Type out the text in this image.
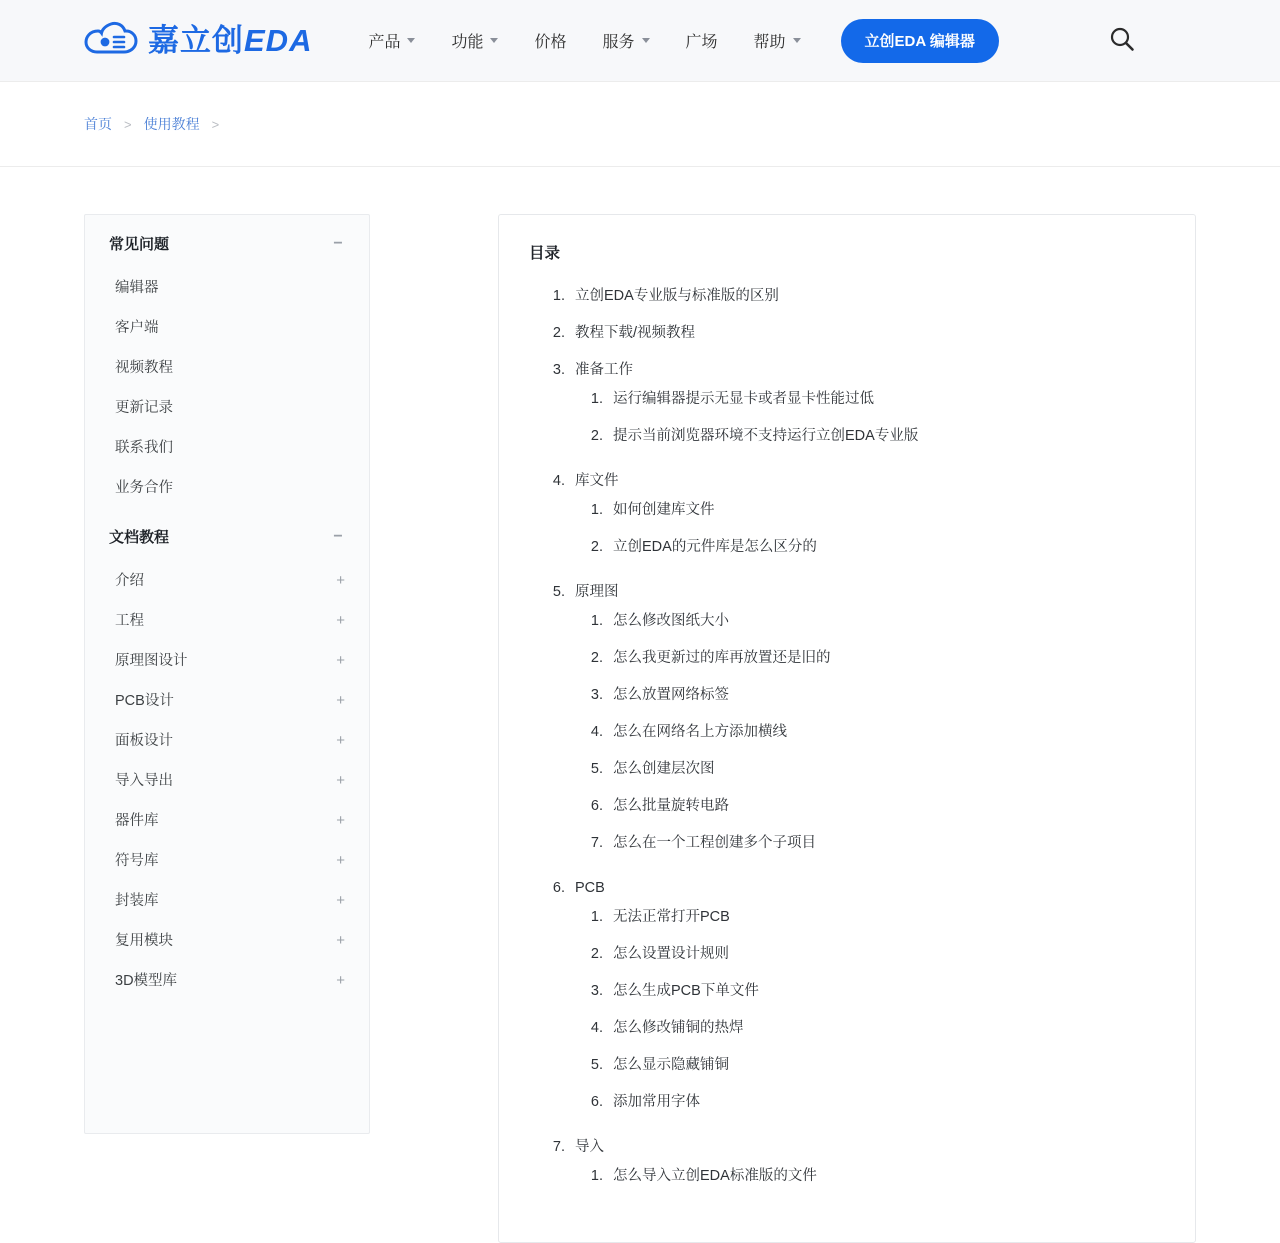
嘉立创EDA	产品	功能	价格 服务	广场 帮助	立创EDA 编辑器
首页 > 使用教程 >
常见问题	−
编辑器
客户端
视频教程
更新记录
联系我们
业务合作
文档教程	−
介绍	+
工程	+
原理图设计	+
PCB设计	+
面板设计	+
导入导出	+
器件库	+
符号库	+
封装库	+
复用模块	+
3D模型库	+
目录
1. 立创EDA专业版与标准版的区别
2. 教程下载/视频教程
3. 准备工作
1. 运行编辑器提示无显卡或者显卡性能过低
2. 提示当前浏览器环境不支持运行立创EDA专业版
4. 库文件
1. 如何创建库文件
2. 立创EDA的元件库是怎么区分的
5. 原理图
1. 怎么修改图纸大小
2. 怎么我更新过的库再放置还是旧的
3. 怎么放置网络标签
4. 怎么在网络名上方添加横线
5. 怎么创建层次图
6. 怎么批量旋转电路
7. 怎么在一个工程创建多个子项目
6. PCB
1. 无法正常打开PCB
2. 怎么设置设计规则
3. 怎么生成PCB下单文件
4. 怎么修改铺铜的热焊
5. 怎么显示隐藏铺铜
6. 添加常用字体
7. 导入
1. 怎么导入立创EDA标准版的文件
